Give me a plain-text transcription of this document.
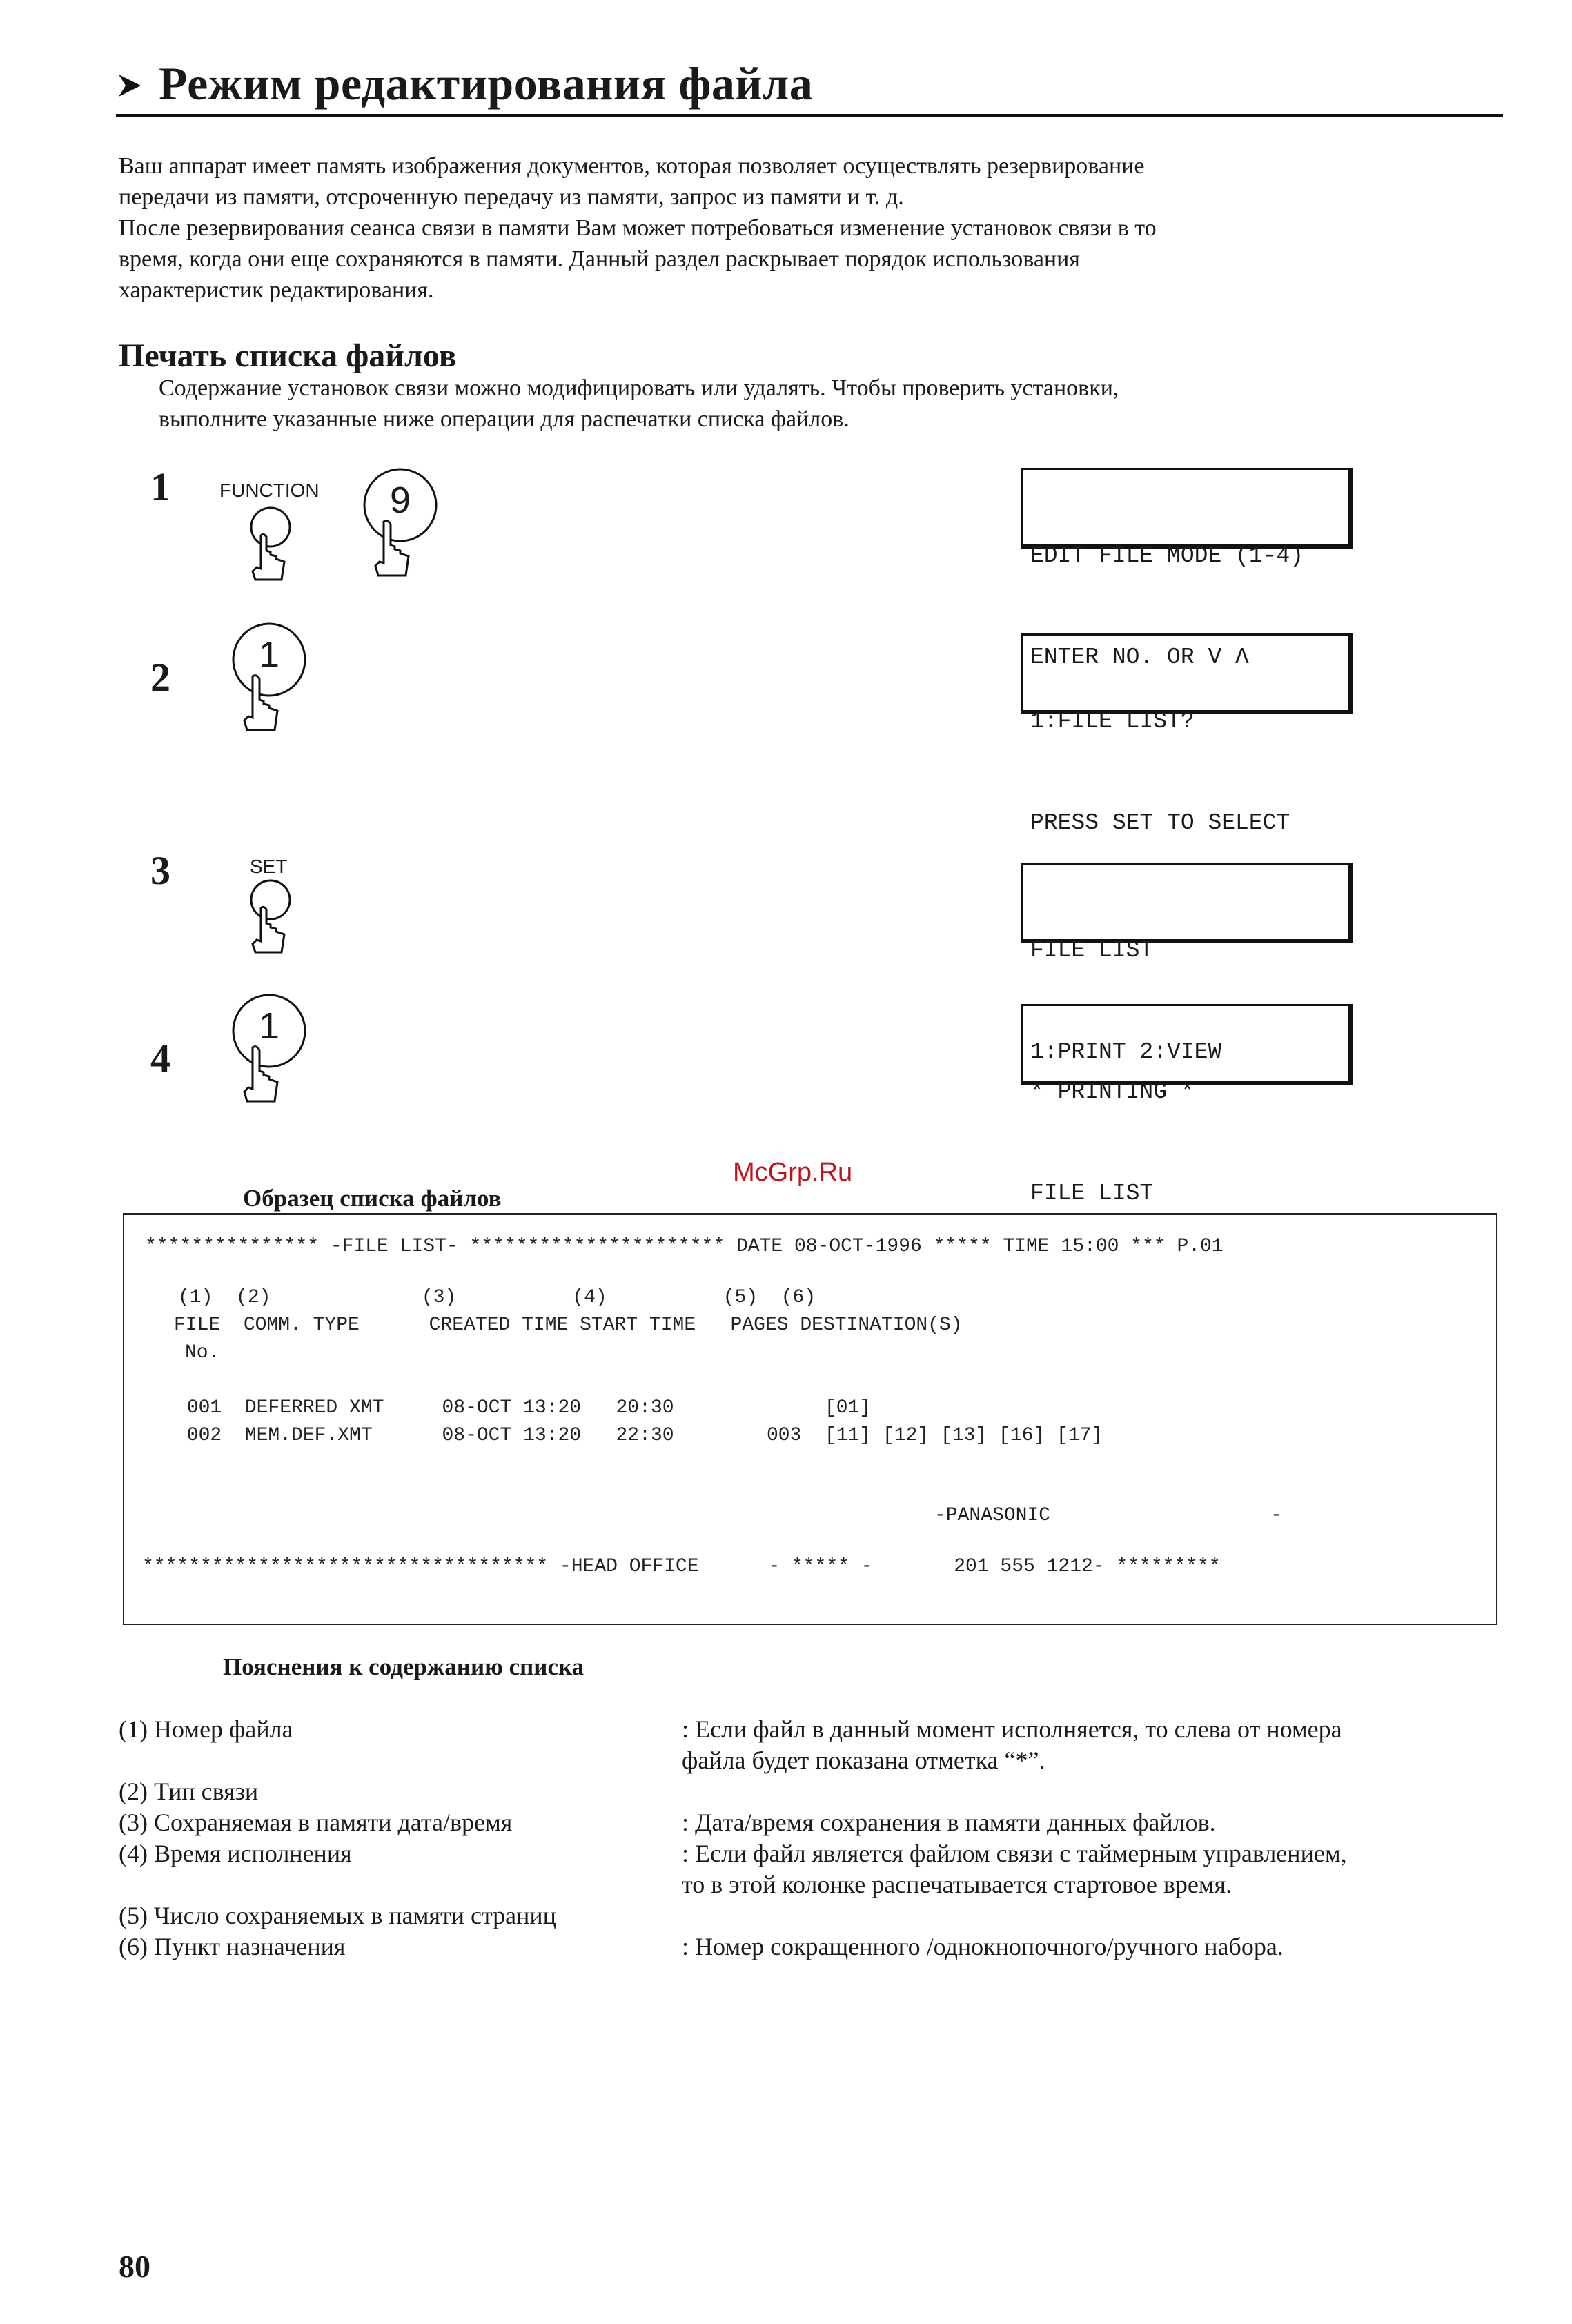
Режим редактирования файла
Ваш аппарат имеет память изображения документов, которая позволяет осуществлять резервирование
передачи из памяти, отсроченную передачу из памяти, запрос из памяти и т. д.
После резервирования сеанса связи в памяти Вам может потребоваться изменение установок связи в то
время, когда они еще сохраняются в памяти. Данный раздел раскрывает порядок использования
характеристик редактирования.
Печать списка файлов
Содержание установок связи можно модифицировать или удалять. Чтобы проверить установки,
выполните указанные ниже операции для распечатки списка файлов.
1	FUNCTION	9

EDIT FILE MODE (1-4)

ENTER NO. OR V Λ

2	1

1:FILE LIST?

PRESS SET TO SELECT

3	SET

FILE LIST

1:PRINT 2:VIEW

4
1

* PRINTING *

FILE LIST

McGrp.Ru
Образец списка файлов
*************** -FILE LIST- ********************** DATE 08-OCT-1996 ***** TIME 15:00 *** P.01
(1)  (2)             (3)          (4)          (5)  (6)
FILE  COMM. TYPE      CREATED TIME START TIME   PAGES DESTINATION(S)
No.
001  DEFERRED XMT     08-OCT 13:20   20:30             [01]
002  MEM.DEF.XMT      08-OCT 13:20   22:30        003  [11] [12] [13] [16] [17]
-PANASONIC                   -
*********************************** -HEAD OFFICE      - ***** -       201 555 1212- *********
Пояснения к содержанию списка
(1) Номер файла	: Если файл в данный момент исполняется, то слева от номера
файла будет показана отметка “*”.
(2) Тип связи
(3) Сохраняемая в памяти дата/время	: Дата/время сохранения в памяти данных файлов.
(4) Время исполнения	: Если файл является файлом связи с таймерным управлением,
то в этой колонке распечатывается стартовое время.
(5) Число сохраняемых в памяти страниц
(6) Пункт назначения	: Номер сокращенного /однокнопочного/ручного набора.
80
